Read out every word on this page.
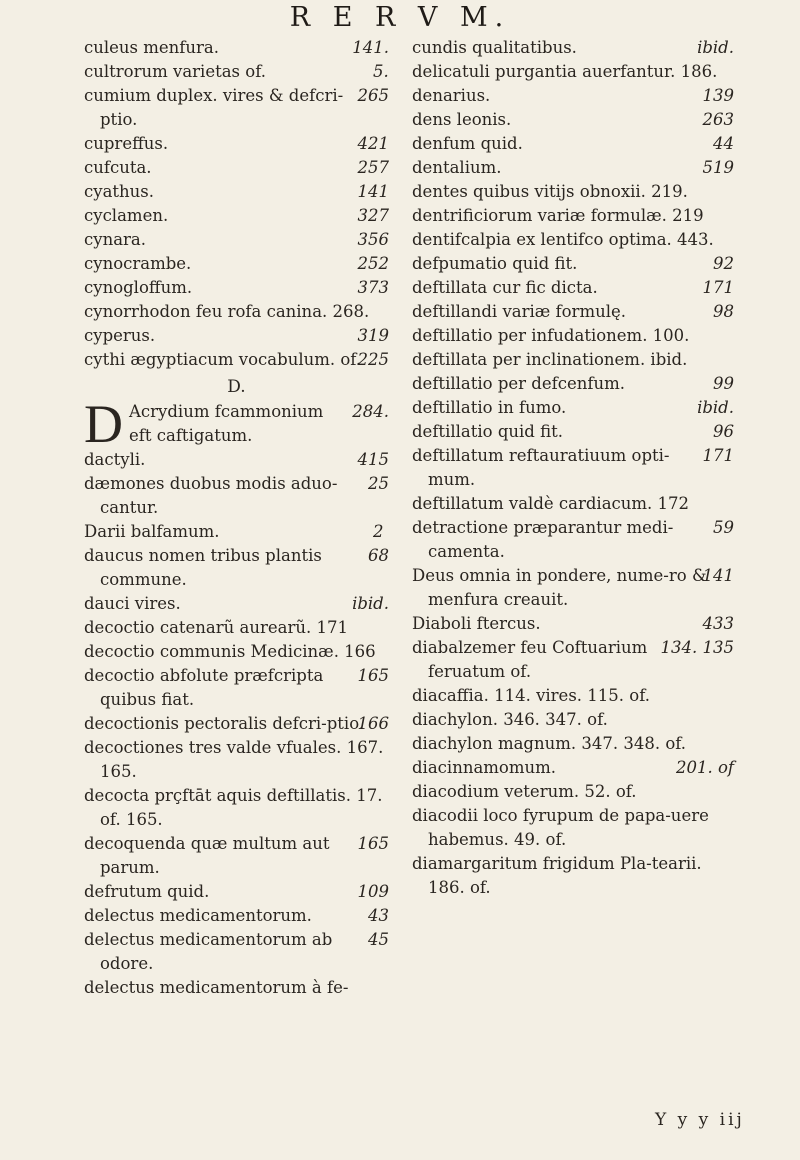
R E R V M.
141.
culeus menfura.
5.
cultrorum varietas of.
265
cumium duplex. vires & defcri-ptio.
421
cupreffus.
257
cufcuta.
141
cyathus.
327
cyclamen.
356
cynara.
252
cynocrambe.
373
cynogloffum.
cynorrhodon feu rofa canina. 268.
319
cyperus.
225
cythi ægyptiacum vocabulum. of.
D.
D	284.
Acrydium fcammonium eft caftigatum.
415
dactyli.
25
dæmones duobus modis aduo-cantur.
2
Darii balfamum.
68
daucus nomen tribus plantis commune.
ibid.
dauci vires.
decoctio catenarũ aurearũ. 171
decoctio communis Medicinæ. 166
165
decoctio abfolute præfcripta quibus fiat.
166
decoctionis pectoralis defcri-ptio.
decoctiones tres valde vfuales. 167. 165.
decocta prçftāt aquis deftillatis. 17. of. 165.
165
decoquenda quæ multum aut parum.
109
defrutum quid.
43
delectus medicamentorum.
45
delectus medicamentorum ab odore.
delectus medicamentorum à fe-
ibid.
cundis qualitatibus.
delicatuli purgantia auerfantur. 186.
139
denarius.
263
dens leonis.
44
denfum quid.
519
dentalium.
dentes quibus vitijs obnoxii. 219.
dentrificiorum variæ formulæ. 219
dentifcalpia ex lentifco optima. 443.
92
defpumatio quid fit.
171
deftillata cur fic dicta.
98
deftillandi variæ formulę.
deftillatio per infudationem. 100.
deftillata per inclinationem. ibid.
99
deftillatio per defcenfum.
ibid.
deftillatio in fumo.
96
deftillatio quid fit.
171
deftillatum reftauratiuum opti-mum.
deftillatum valdè cardiacum. 172
59
detractione præparantur medi-camenta.
141
Deus omnia in pondere, nume-ro & menfura creauit.
433
Diaboli ftercus.
134. 135
diabalzemer feu Coftuarium feruatum of.
diacaffia. 114. vires. 115. of.
diachylon. 346. 347. of.
diachylon magnum. 347. 348. of.
201. of
diacinnamomum.
diacodium veterum. 52. of.
diacodii loco fyrupum de papa-uere habemus. 49. of.
diamargaritum frigidum Pla-tearii. 186. of.
Y y y iij
